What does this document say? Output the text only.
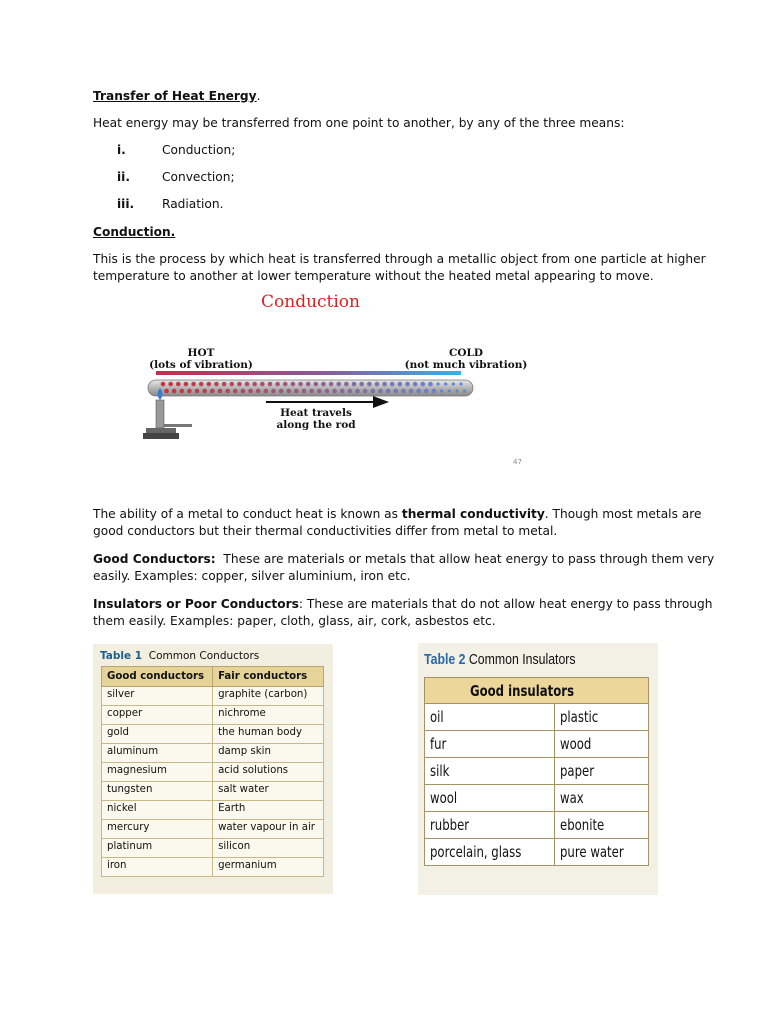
Transfer of Heat Energy.
Heat energy may be transferred from one point to another, by any of the three means:
i.	Conduction;
ii.	Convection;
iii. Radiation.
Conduction.
This is the process by which heat is transferred through a metallic object from one particle at higher
temperature to another at lower temperature without the heated metal appearing to move.
The ability of a metal to conduct heat is known as thermal conductivity. Though most metals are
good conductors but their thermal conductivities differ from metal to metal.
Good Conductors:  These are materials or metals that allow heat energy to pass through them very
easily. Examples: copper, silver aluminium, iron etc.
Insulators or Poor Conductors: These are materials that do not allow heat energy to pass through
them easily. Examples: paper, cloth, glass, air, cork, asbestos etc.
Conduction
HOT
(lots of vibration)
COLD
(not much vibration)
Heat travels
along the rod
47
Table 1 Common Conductors
Good conductors	Fair conductors
silver	graphite (carbon)
copper	nichrome
gold	the human body
aluminum	damp skin
magnesium	acid solutions
tungsten	salt water
nickel	Earth
mercury	water vapour in air
platinum	silicon
iron	germanium
Table 2 Common Insulators
Good insulators	
oil	plastic
fur	wood
silk	paper
wool	wax
rubber	ebonite
porcelain, glass	pure water
